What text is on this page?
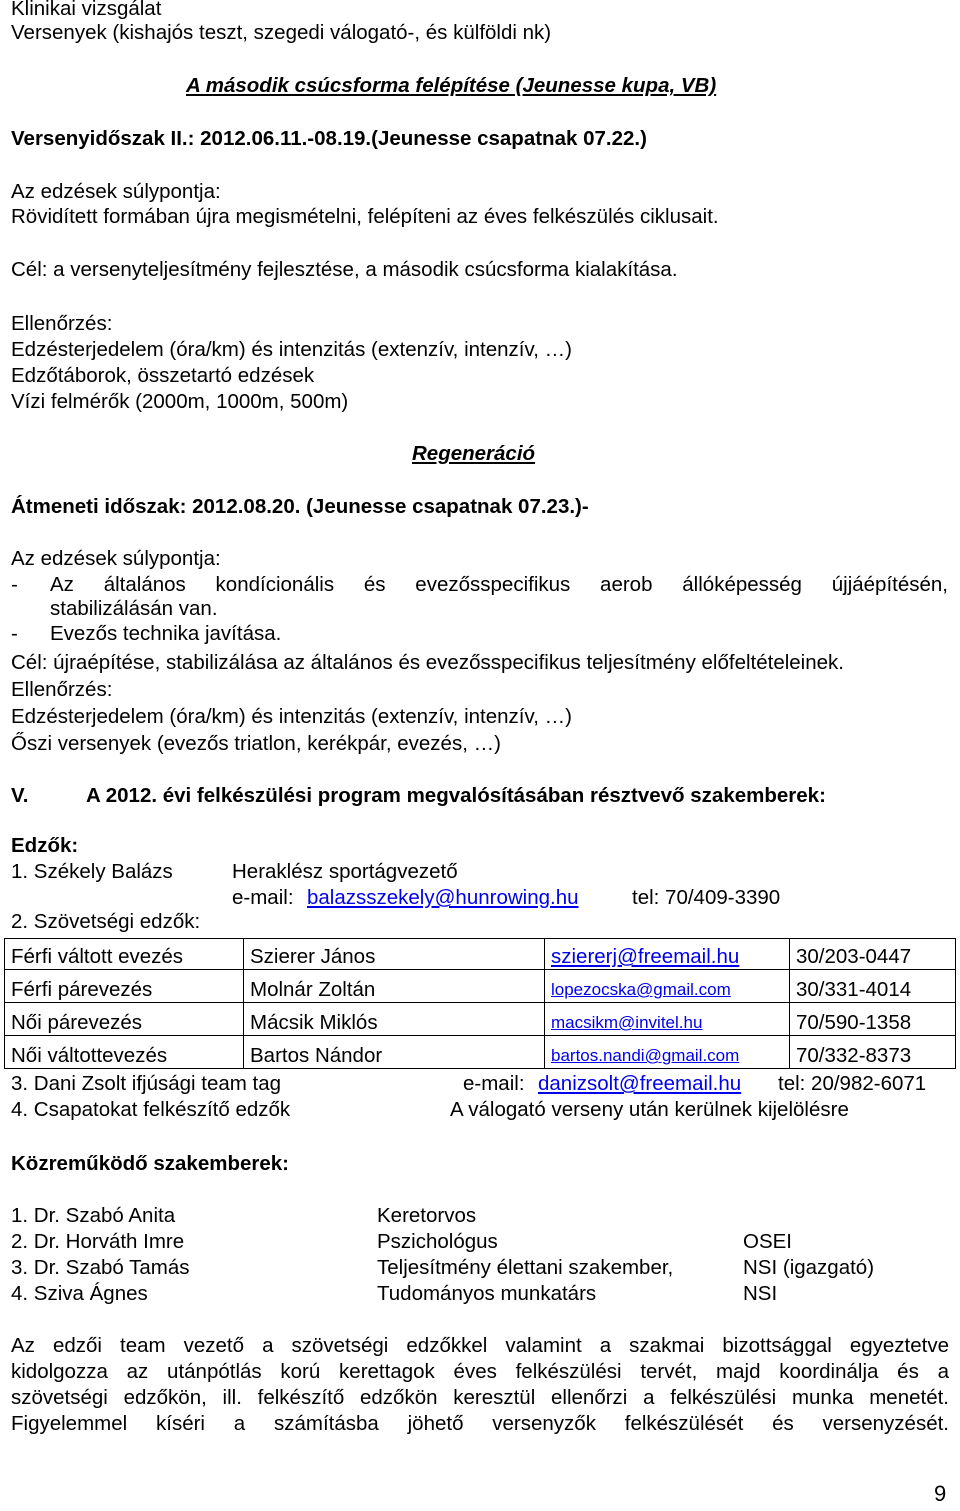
Klinikai vizsgálat
Versenyek (kishajós teszt, szegedi válogató-, és külföldi nk)
A második csúcsforma felépítése (Jeunesse kupa, VB)
Versenyidőszak II.: 2012.06.11.-08.19.(Jeunesse csapatnak 07.22.)
Az edzések súlypontja:
Rövidített formában újra megismételni, felépíteni az éves felkészülés ciklusait.
Cél: a versenyteljesítmény fejlesztése, a második csúcsforma kialakítása.
Ellenőrzés:
Edzésterjedelem (óra/km) és intenzitás (extenzív, intenzív, …)
Edzőtáborok, összetartó edzések
Vízi felmérők (2000m, 1000m, 500m)
Regeneráció
Átmeneti időszak: 2012.08.20. (Jeunesse csapatnak 07.23.)-
Az edzések súlypontja:
- Az általános kondícionális és evezősspecifikus aerob állóképesség újjáépítésén,
stabilizálásán van.
- Evezős technika javítása.
Cél: újraépítése, stabilizálása az általános és evezősspecifikus teljesítmény előfeltételeinek.
Ellenőrzés:
Edzésterjedelem (óra/km) és intenzitás (extenzív, intenzív, …)
Őszi versenyek (evezős triatlon, kerékpár, evezés, …)
V.	A 2012. évi felkészülési program megvalósításában résztvevő szakemberek:
Edzők:
1. Székely Balázs	Heraklész sportágvezető
e-mail: balazsszekely@hunrowing.hu	tel: 70/409-3390
2. Szövetségi edzők:
Férfi váltott evezés	Szierer János	sziererj@freemail.hu	30/203-0447
Férfi párevezés	Molnár Zoltán	lopezocska@gmail.com	30/331-4014
Női párevezés	Mácsik Miklós	macsikm@invitel.hu	70/590-1358
Női váltottevezés	Bartos Nándor	bartos.nandi@gmail.com	70/332-8373
3. Dani Zsolt ifjúsági team tag	e-mail: danizsolt@freemail.hu tel: 20/982-6071
4. Csapatokat felkészítő edzők	A válogató verseny után kerülnek kijelölésre
Közreműködő szakemberek:
1. Dr. Szabó Anita	Keretorvos
2. Dr. Horváth Imre	Pszichológus	OSEI
3. Dr. Szabó Tamás	Teljesítmény élettani szakember,	NSI (igazgató)
4. Sziva Ágnes	Tudományos munkatárs	NSI
Az edzői team vezető a szövetségi edzőkkel valamint a szakmai bizottsággal egyeztetve
kidolgozza az utánpótlás korú kerettagok éves felkészülési tervét, majd koordinálja és a
szövetségi edzőkön, ill. felkészítő edzőkön keresztül ellenőrzi a felkészülési munka menetét.
Figyelemmel kíséri a számításba jöhető versenyzők felkészülését és versenyzését.
9
